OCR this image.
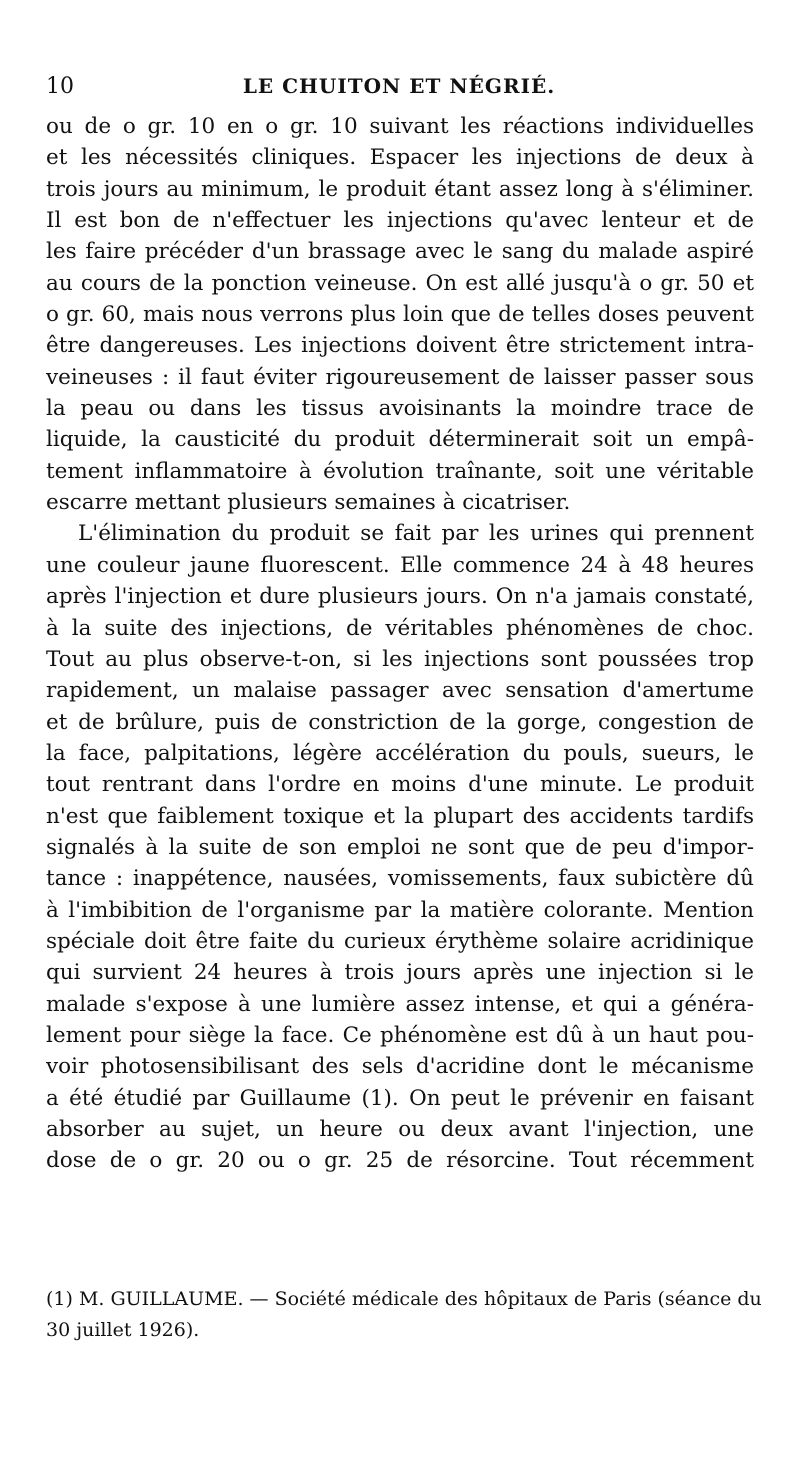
10	LE CHUITON ET NÉGRIÉ.
ou de o gr. 10 en o gr. 10 suivant les réactions individuelles
et les nécessités cliniques. Espacer les injections de deux à
trois jours au minimum, le produit étant assez long à s'éliminer.
Il est bon de n'effectuer les injections qu'avec lenteur et de
les faire précéder d'un brassage avec le sang du malade aspiré
au cours de la ponction veineuse. On est allé jusqu'à o gr. 50 et
o gr. 60, mais nous verrons plus loin que de telles doses peuvent
être dangereuses. Les injections doivent être strictement intra-
veineuses : il faut éviter rigoureusement de laisser passer sous
la peau ou dans les tissus avoisinants la moindre trace de
liquide, la causticité du produit déterminerait soit un empâ-
tement inflammatoire à évolution traînante, soit une véritable
escarre mettant plusieurs semaines à cicatriser.
L'élimination du produit se fait par les urines qui prennent
une couleur jaune fluorescent. Elle commence 24 à 48 heures
après l'injection et dure plusieurs jours. On n'a jamais constaté,
à la suite des injections, de véritables phénomènes de choc.
Tout au plus observe-t-on, si les injections sont poussées trop
rapidement, un malaise passager avec sensation d'amertume
et de brûlure, puis de constriction de la gorge, congestion de
la face, palpitations, légère accélération du pouls, sueurs, le
tout rentrant dans l'ordre en moins d'une minute. Le produit
n'est que faiblement toxique et la plupart des accidents tardifs
signalés à la suite de son emploi ne sont que de peu d'impor-
tance : inappétence, nausées, vomissements, faux subictère dû
à l'imbibition de l'organisme par la matière colorante. Mention
spéciale doit être faite du curieux érythème solaire acridinique
qui survient 24 heures à trois jours après une injection si le
malade s'expose à une lumière assez intense, et qui a généra-
lement pour siège la face. Ce phénomène est dû à un haut pou-
voir photosensibilisant des sels d'acridine dont le mécanisme
a été étudié par Guillaume (1). On peut le prévenir en faisant
absorber au sujet, un heure ou deux avant l'injection, une
dose de o gr. 20 ou o gr. 25 de résorcine. Tout récemment
(1) M. GUILLAUME. — Société médicale des hôpitaux de Paris (séance du
30 juillet 1926).
